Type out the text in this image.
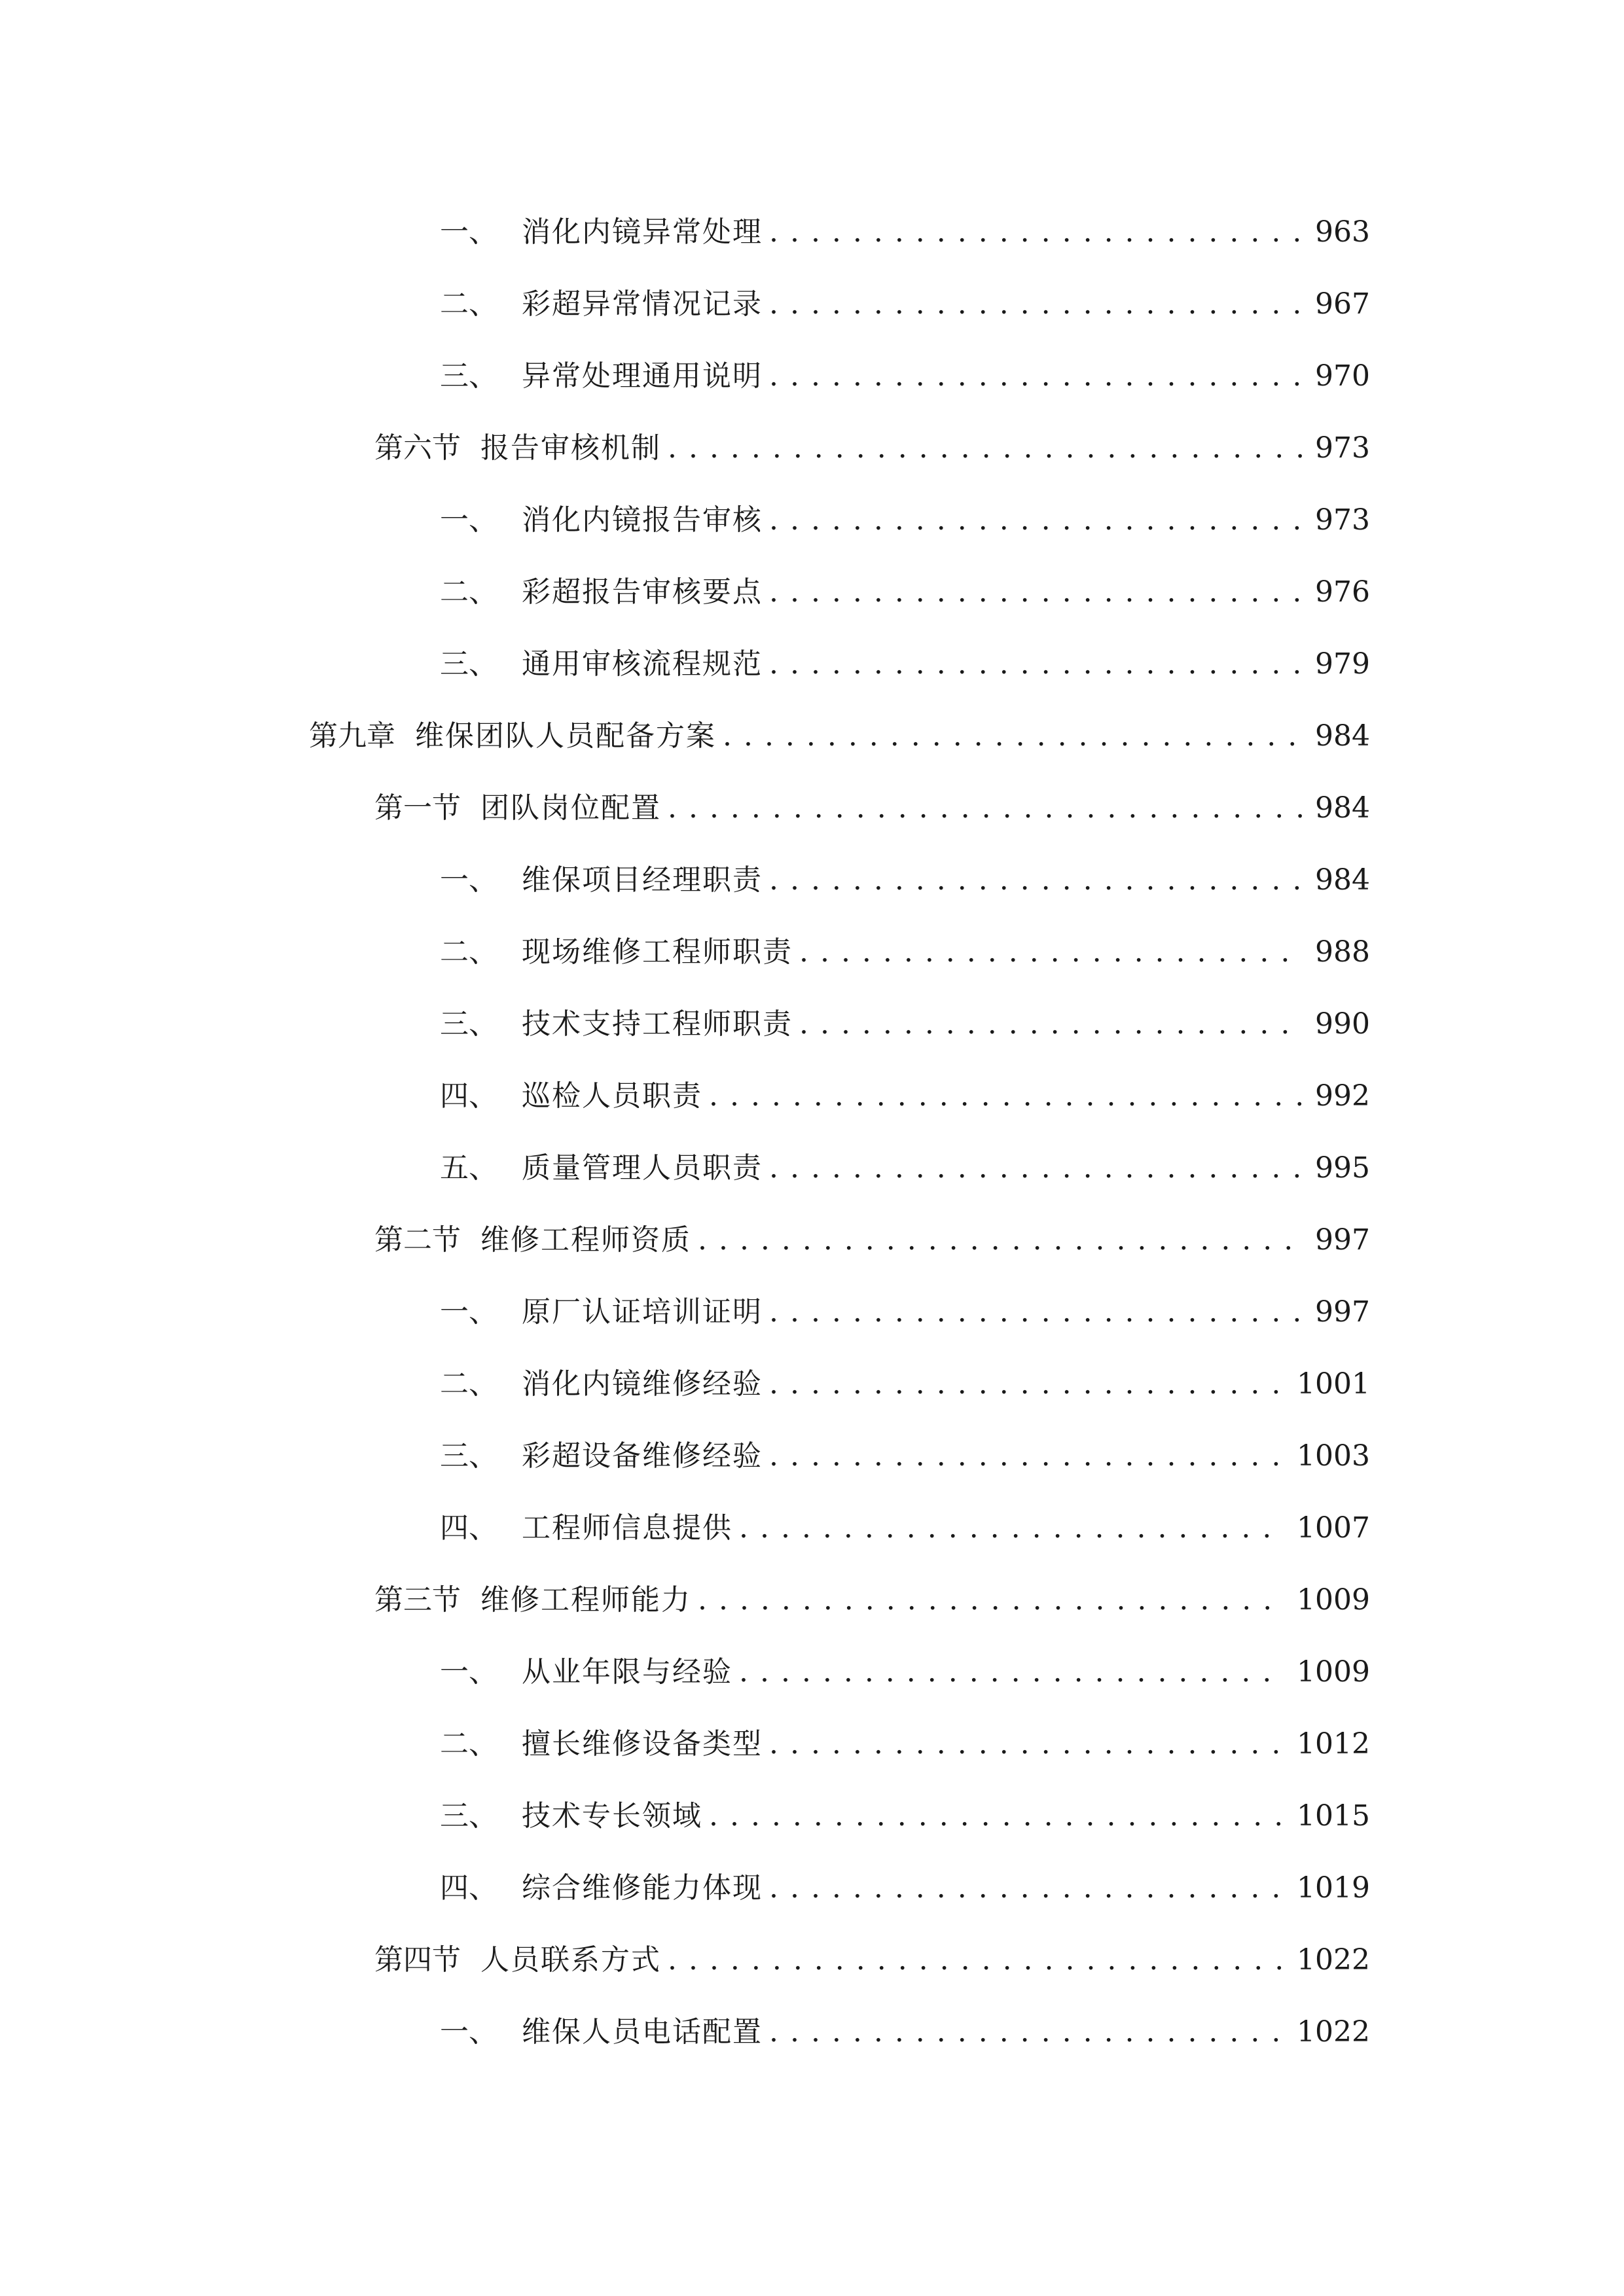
一、 消化内镜异常处理 . . .	963
二、 彩超异常情况记录 . . .	967
三、 异常处理通用说明 . . .	970
第六节 报告审核机制 . . .	973
一、 消化内镜报告审核 . . .	973
二、 彩超报告审核要点 . . .	976
三、 通用审核流程规范 . . .	979
第九章 维保团队人员配备方案 . . .	984
第一节 团队岗位配置 . . .	984
一、 维保项目经理职责 . . .	984
二、 现场维修工程师职责 . . .	988
三、 技术支持工程师职责 . . .	990
四、 巡检人员职责 . . .	992
五、 质量管理人员职责 . . .	995
第二节 维修工程师资质 . . .	997
一、 原厂认证培训证明 . . .	997
二、 消化内镜维修经验 . . .	1001
三、 彩超设备维修经验 . . .	1003
四、 工程师信息提供 . . .	1007
第三节 维修工程师能力 . . .	1009
一、 从业年限与经验 . . .	1009
二、 擅长维修设备类型 . . .	1012
三、 技术专长领域 . . .	1015
四、 综合维修能力体现 . . .	1019
第四节 人员联系方式 . . .	1022
一、 维保人员电话配置 . . .	1022
